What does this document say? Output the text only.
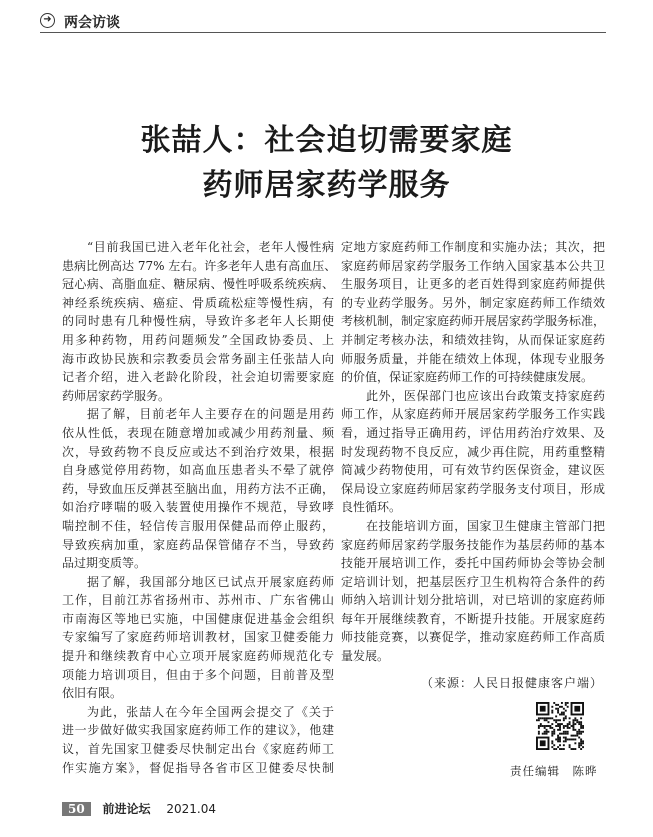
➜ 两会访谈
张喆人：社会迫切需要家庭
药师居家药学服务
“目前我国已进入老年化社会，老年人慢性病
患病比例高达 77% 左右。许多老年人患有高血压、
冠心病、高脂血症、糖尿病、慢性呼吸系统疾病、
神经系统疾病、癌症、骨质疏松症等慢性病，有
的同时患有几种慢性病，导致许多老年人长期使
用多种药物，用药问题频发”全国政协委员、上
海市政协民族和宗教委员会常务副主任张喆人向
记者介绍，进入老龄化阶段，社会迫切需要家庭
药师居家药学服务。
据了解，目前老年人主要存在的问题是用药
依从性低，表现在随意增加或减少用药剂量、频
次，导致药物不良反应或达不到治疗效果，根据
自身感觉停用药物，如高血压患者头不晕了就停
药，导致血压反弹甚至脑出血，用药方法不正确，
如治疗哮喘的吸入装置使用操作不规范，导致哮
喘控制不佳，轻信传言服用保健品而停止服药，
导致疾病加重，家庭药品保管储存不当，导致药
品过期变质等。
据了解，我国部分地区已试点开展家庭药师
工作，目前江苏省扬州市、苏州市、广东省佛山
市南海区等地已实施，中国健康促进基金会组织
专家编写了家庭药师培训教材，国家卫健委能力
提升和继续教育中心立项开展家庭药师规范化专
项能力培训项目，但由于多个问题，目前普及型
依旧有限。
为此，张喆人在今年全国两会提交了《关于
进一步做好做实我国家庭药师工作的建议》，他建
议，首先国家卫健委尽快制定出台《家庭药师工
作实施方案》，督促指导各省市区卫健委尽快制
定地方家庭药师工作制度和实施办法；其次，把
家庭药师居家药学服务工作纳入国家基本公共卫
生服务项目，让更多的老百姓得到家庭药师提供
的专业药学服务。另外，制定家庭药师工作绩效
考核机制，制定家庭药师开展居家药学服务标准，
并制定考核办法，和绩效挂钩，从而保证家庭药
师服务质量，并能在绩效上体现，体现专业服务
的价值，保证家庭药师工作的可持续健康发展。
此外，医保部门也应该出台政策支持家庭药
师工作，从家庭药师开展居家药学服务工作实践
看，通过指导正确用药，评估用药治疗效果、及
时发现药物不良反应，减少再住院，用药重整精
简减少药物使用，可有效节约医保资金，建议医
保局设立家庭药师居家药学服务支付项目，形成
良性循环。
在技能培训方面，国家卫生健康主管部门把
家庭药师居家药学服务技能作为基层药师的基本
技能开展培训工作，委托中国药师协会等协会制
定培训计划，把基层医疗卫生机构符合条件的药
师纳入培训计划分批培训，对已培训的家庭药师
每年开展继续教育，不断提升技能。开展家庭药
师技能竞赛，以赛促学，推动家庭药师工作高质
量发展。
（来源：人民日报健康客户端）
责任编辑　陈晔
50 前进论坛 2021.04
